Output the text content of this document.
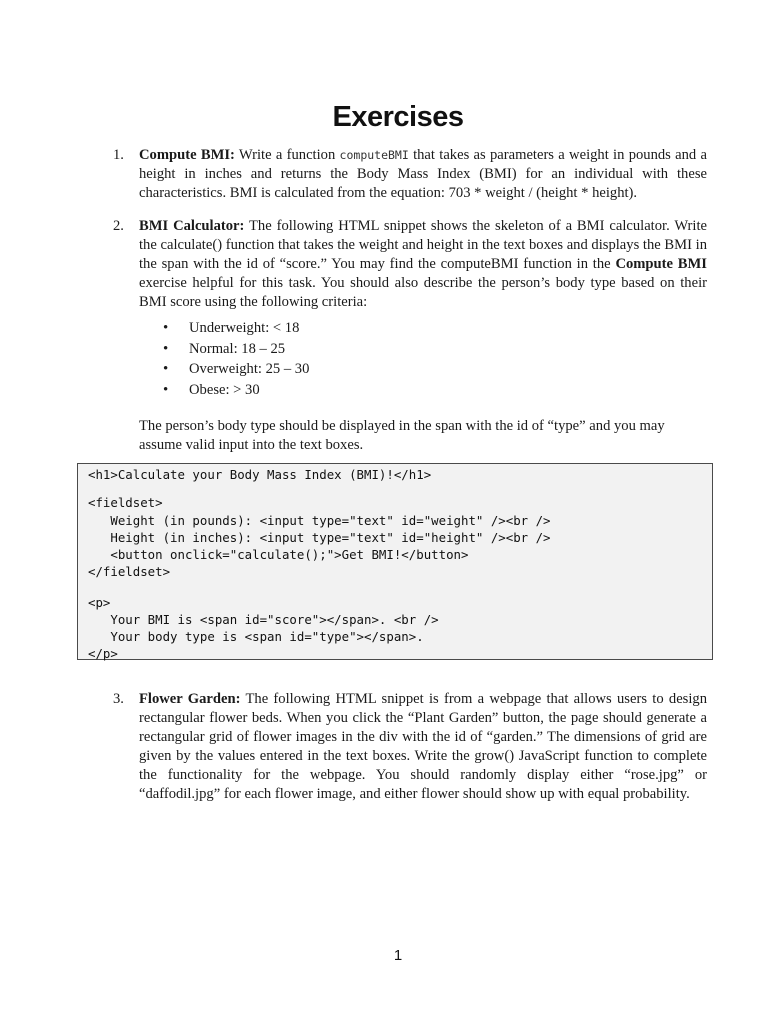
Exercises
1. Compute BMI: Write a function computeBMI that takes as parameters a weight in pounds and a height in inches and returns the Body Mass Index (BMI) for an individual with these characteristics. BMI is calculated from the equation: 703 * weight / (height * height).
2. BMI Calculator: The following HTML snippet shows the skeleton of a BMI calculator. Write the calculate() function that takes the weight and height in the text boxes and displays the BMI in the span with the id of “score.” You may find the computeBMI function in the Compute BMI exercise helpful for this task. You should also describe the person’s body type based on their BMI score using the following criteria:
• Underweight: < 18
• Normal: 18 – 25
• Overweight: 25 – 30
• Obese: > 30
The person’s body type should be displayed in the span with the id of “type” and you may assume valid input into the text boxes.
<h1>Calculate your Body Mass Index (BMI)!</h1>
<fieldset>
Weight (in pounds): <input type="text" id="weight" /><br />
Height (in inches): <input type="text" id="height" /><br />
<button onclick="calculate();">Get BMI!</button>
</fieldset>
<p>
Your BMI is <span id="score"></span>. <br />
Your body type is <span id="type"></span>.
</p>
3. Flower Garden: The following HTML snippet is from a webpage that allows users to design rectangular flower beds. When you click the “Plant Garden” button, the page should generate a rectangular grid of flower images in the div with the id of “garden.” The dimensions of grid are given by the values entered in the text boxes. Write the grow() JavaScript function to complete the functionality for the webpage. You should randomly display either “rose.jpg” or “daffodil.jpg” for each flower image, and either flower should show up with equal probability.
1
